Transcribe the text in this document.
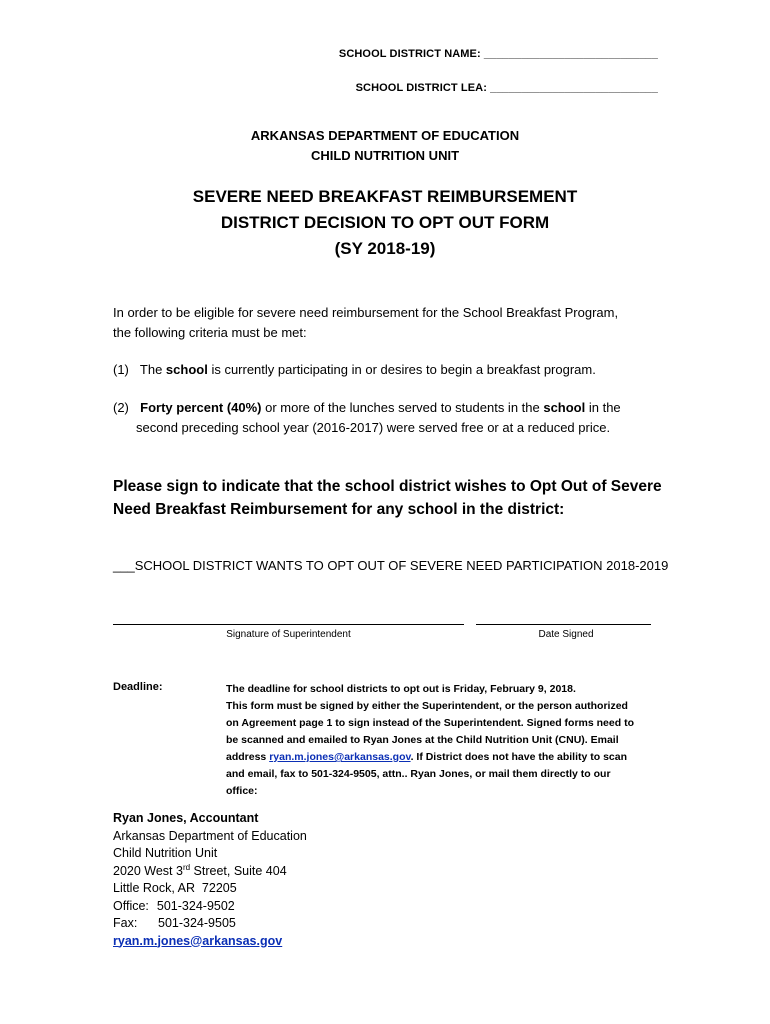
SCHOOL DISTRICT NAME: ____________________________
SCHOOL DISTRICT LEA: ___________________________
ARKANSAS DEPARTMENT OF EDUCATION
CHILD NUTRITION UNIT
SEVERE NEED BREAKFAST REIMBURSEMENT
DISTRICT DECISION TO OPT OUT FORM
(SY 2018-19)
In order to be eligible for severe need reimbursement for the School Breakfast Program,
the following criteria must be met:
(1) The school is currently participating in or desires to begin a breakfast program.
(2) Forty percent (40%) or more of the lunches served to students in the school in the
second preceding school year (2016-2017) were served free or at a reduced price.
Please sign to indicate that the school district wishes to Opt Out of Severe
Need Breakfast Reimbursement for any school in the district:
___SCHOOL DISTRICT WANTS TO OPT OUT OF SEVERE NEED PARTICIPATION 2018-2019
Signature of Superintendent	Date Signed
Deadline:	The deadline for school districts to opt out is Friday, February 9, 2018.
This form must be signed by either the Superintendent, or the person authorized
on Agreement page 1 to sign instead of the Superintendent. Signed forms need to
be scanned and emailed to Ryan Jones at the Child Nutrition Unit (CNU). Email
address ryan.m.jones@arkansas.gov. If District does not have the ability to scan
and email, fax to 501-324-9505, attn.. Ryan Jones, or mail them directly to our
office:
Ryan Jones, Accountant
Arkansas Department of Education
Child Nutrition Unit
2020 West 3rd Street, Suite 404
Little Rock, AR  72205
Office: 501-324-9502
Fax: 501-324-9505
ryan.m.jones@arkansas.gov
